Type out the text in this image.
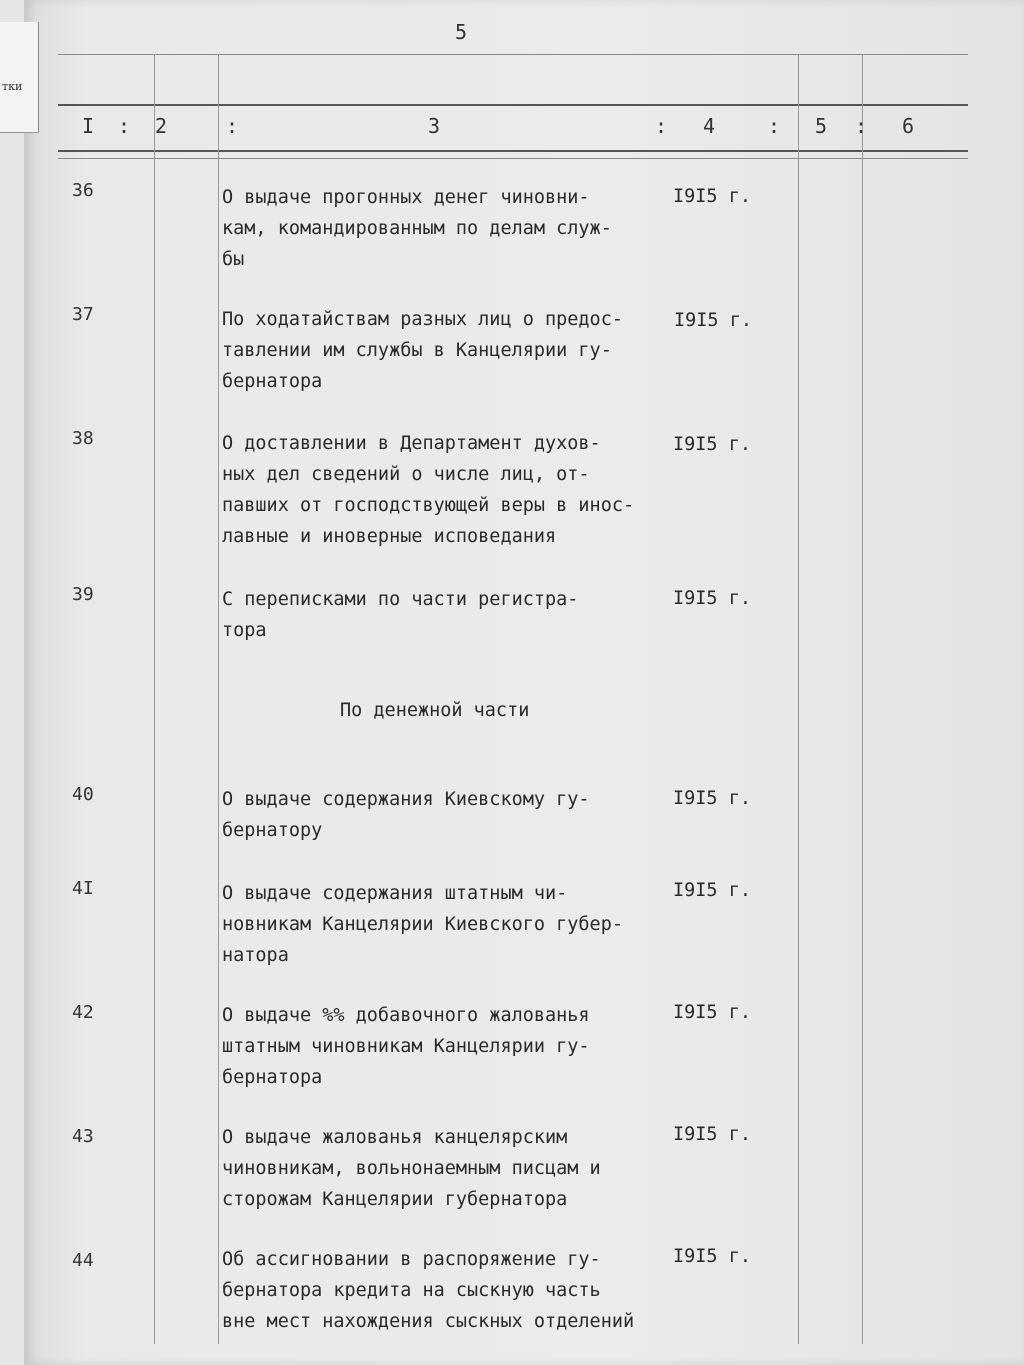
тки
5
I : 2	:	3	: 4	: 5 : 6
36	О выдаче прогонных денег чиновни-
кам, командированным по делам служ-
бы
I9I5 г.
37	По ходатайствам разных лиц о предос-
тавлении им службы в Канцелярии гу-
бернатора
I9I5 г.
38	О доставлении в Департамент духов-
ных дел сведений о числе лиц, от-
павших от господствующей веры в инос-
лавные и иноверные исповедания
I9I5 г.
39	С переписками по части регистра-
тора
I9I5 г.
По денежной части
40	О выдаче содержания Киевскому гу-
бернатору
I9I5 г.
4I	О выдаче содержания штатным чи-
новникам Канцелярии Киевского губер-
натора
I9I5 г.
42	О выдаче %% добавочного жалованья
штатным чиновникам Канцелярии гу-
бернатора
I9I5 г.
43	О выдаче жалованья канцелярским
чиновникам, вольнонаемным писцам и
сторожам Канцелярии губернатора
I9I5 г.
44	Об ассигновании в распоряжение гу-
бернатора кредита на сыскную часть
вне мест нахождения сыскных отделений
I9I5 г.
